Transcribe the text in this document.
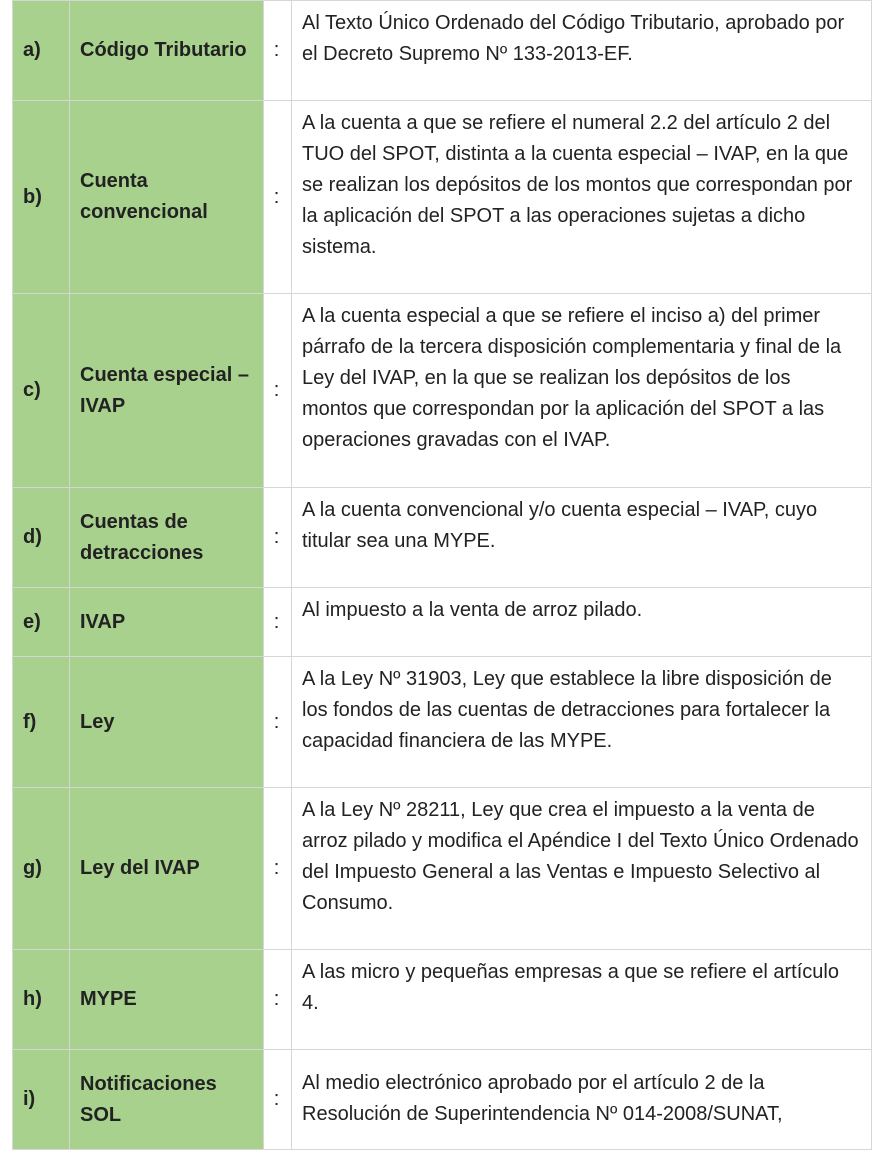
a)	Código Tributario	:	Al Texto Único Ordenado del Código Tributario, aprobado por el Decreto Supremo Nº 133-2013-EF.
b)	Cuenta convencional	:	A la cuenta a que se refiere el numeral 2.2 del artículo 2 del TUO del SPOT, distinta a la cuenta especial – IVAP, en la que se realizan los depósitos de los montos que correspondan por la aplicación del SPOT a las operaciones sujetas a dicho sistema.
c)	Cuenta especial – IVAP	:	A la cuenta especial a que se refiere el inciso a) del primer párrafo de la tercera disposición complementaria y final de la Ley del IVAP, en la que se realizan los depósitos de los montos que correspondan por la aplicación del SPOT a las operaciones gravadas con el IVAP.
d)	Cuentas de detracciones	:	A la cuenta convencional y/o cuenta especial – IVAP, cuyo titular sea una MYPE.
e)	IVAP	:	Al impuesto a la venta de arroz pilado.
f)	Ley	:	A la Ley Nº 31903, Ley que establece la libre disposición de los fondos de las cuentas de detracciones para fortalecer la capacidad financiera de las MYPE.
g)	Ley del IVAP	:	A la Ley Nº 28211, Ley que crea el impuesto a la venta de arroz pilado y modifica el Apéndice I del Texto Único Ordenado del Impuesto General a las Ventas e Impuesto Selectivo al Consumo.
h)	MYPE	:	A las micro y pequeñas empresas a que se refiere el artículo 4.
i)	Notificaciones SOL	:	Al medio electrónico aprobado por el artículo 2 de la Resolución de Superintendencia Nº 014-2008/SUNAT,
